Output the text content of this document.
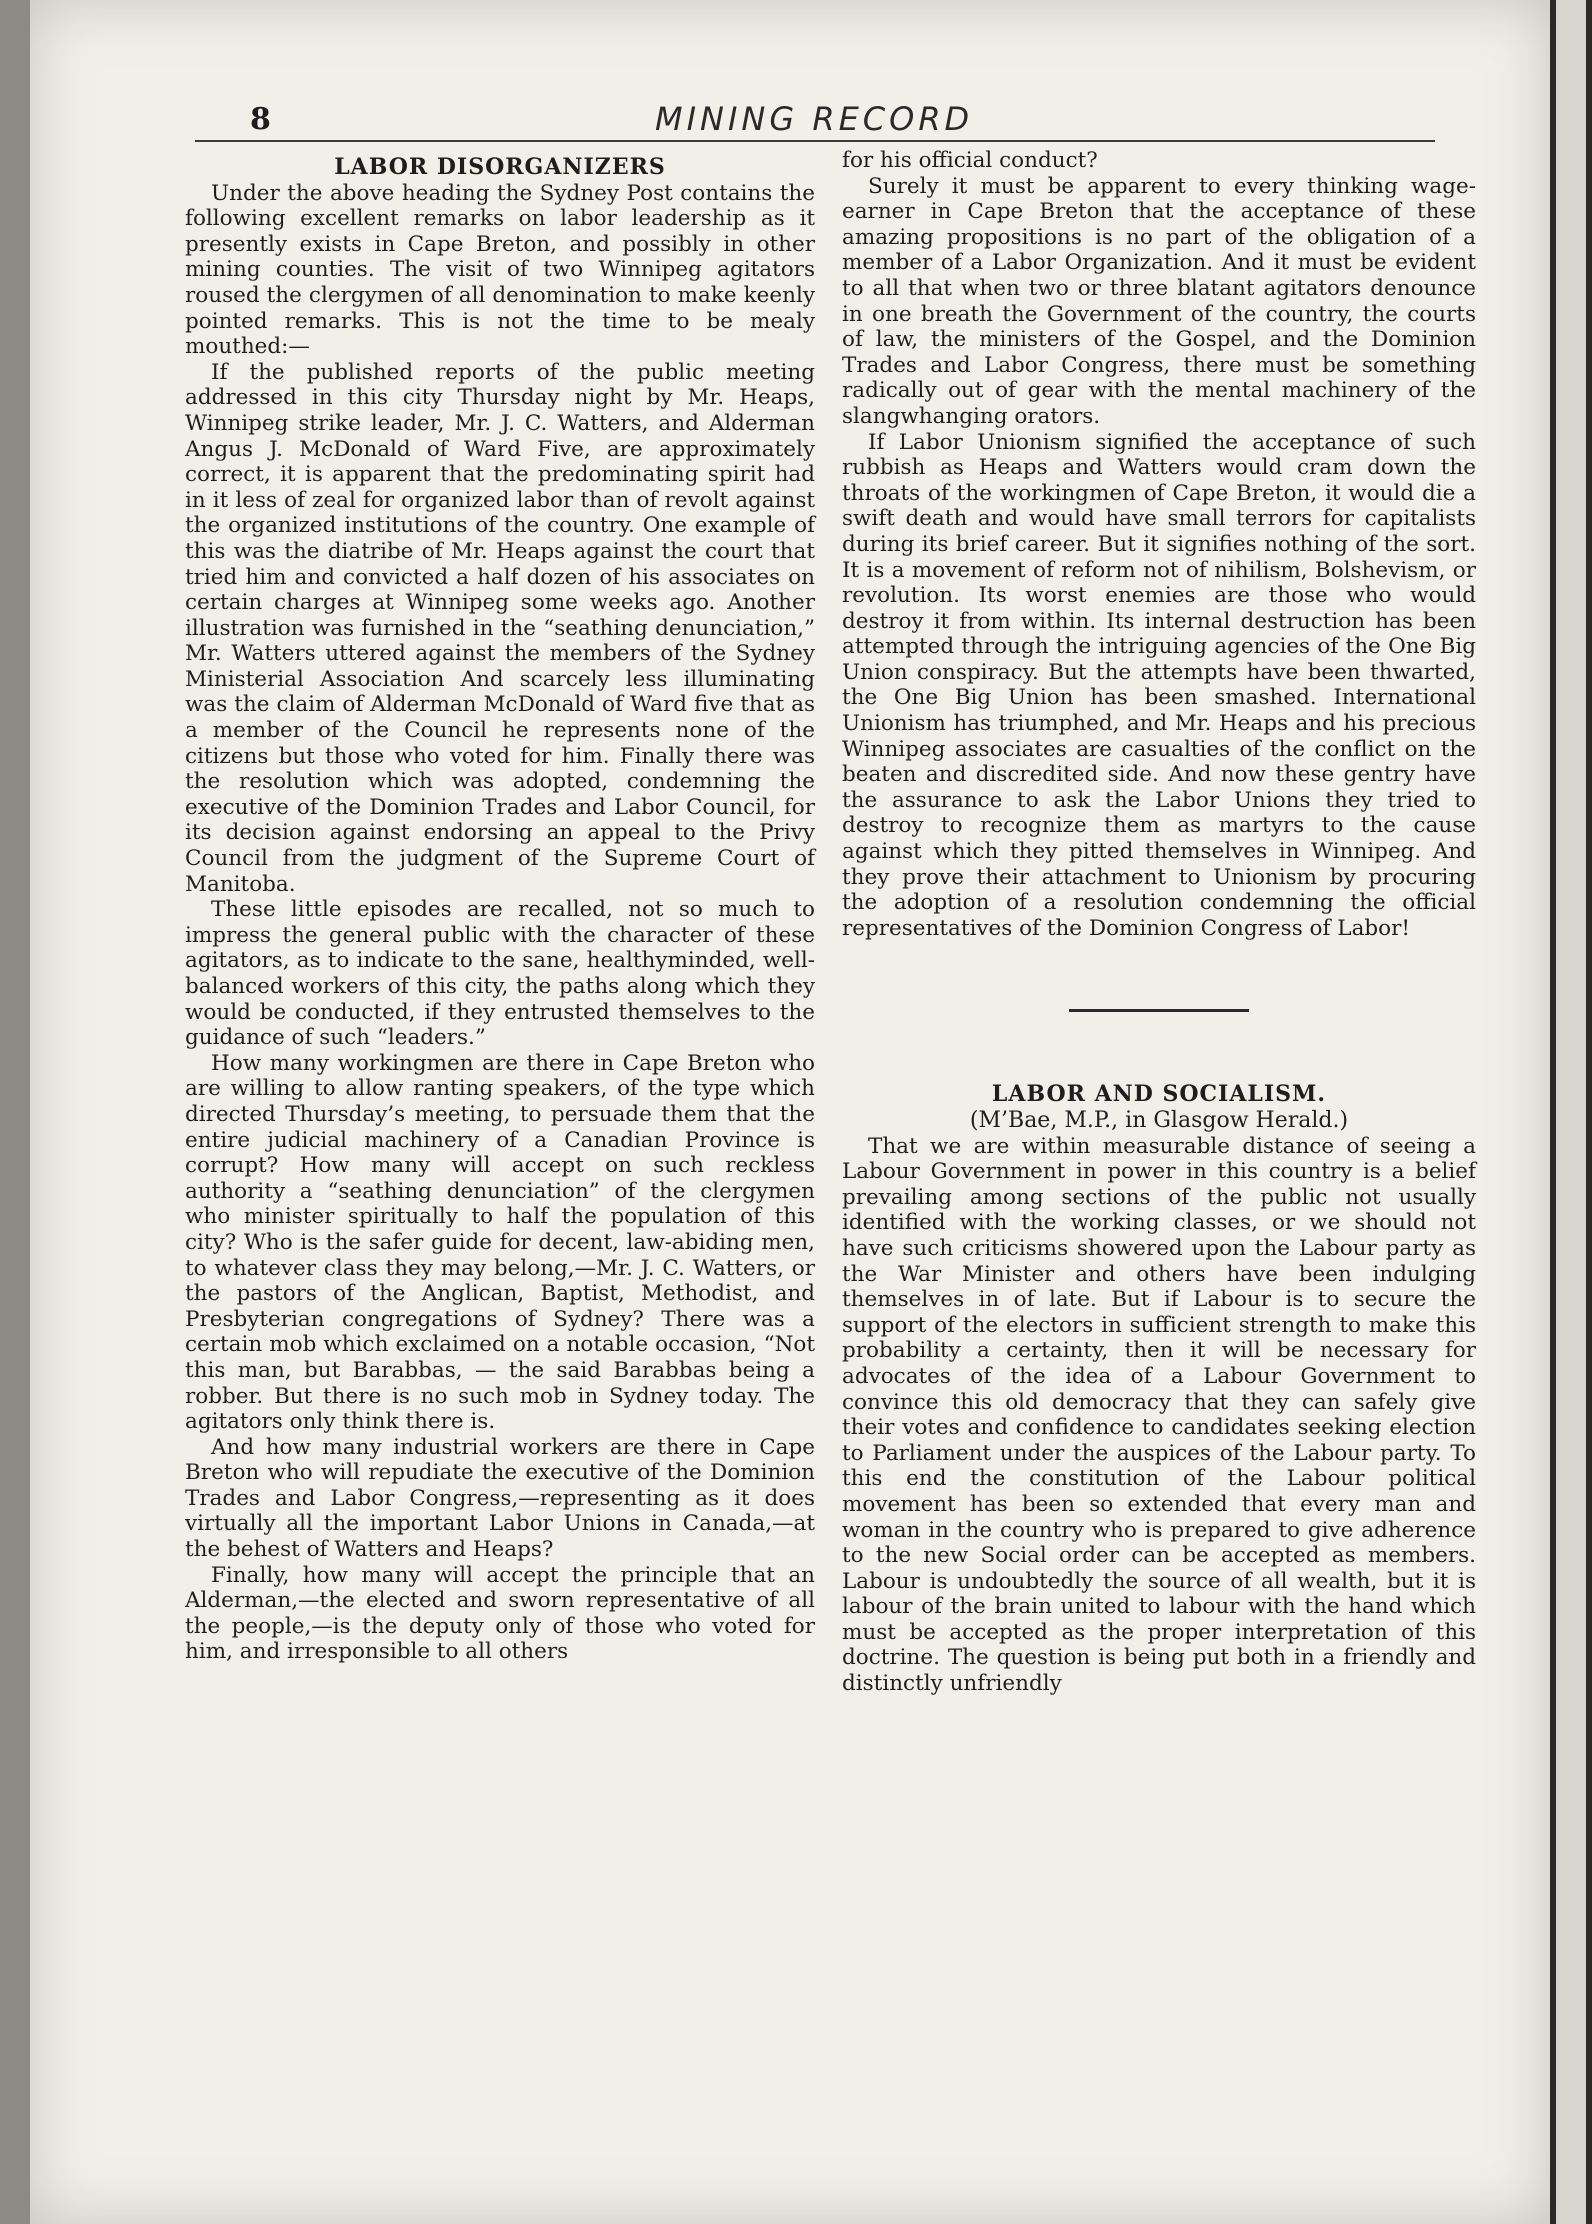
8	MINING RECORD

LABOR DISORGANIZERS

Under the above heading the Sydney Post contains the following excellent remarks on labor leadership as it presently exists in Cape Breton, and possibly in other mining counties. The visit of two Winnipeg agitators roused the clergymen of all denomination to make keenly pointed remarks. This is not the time to be mealy mouthed:—

If the published reports of the public meeting addressed in this city Thursday night by Mr. Heaps, Winnipeg strike leader, Mr. J. C. Watters, and Alderman Angus J. McDonald of Ward Five, are approximately correct, it is apparent that the predominating spirit had in it less of zeal for organized labor than of revolt against the organized institutions of the country. One example of this was the diatribe of Mr. Heaps against the court that tried him and convicted a half dozen of his associates on certain charges at Winnipeg some weeks ago. Another illustration was furnished in the “seathing denunciation,” Mr. Watters uttered against the members of the Sydney Ministerial Association And scarcely less illuminating was the claim of Alderman McDonald of Ward five that as a member of the Council he represents none of the citizens but those who voted for him. Finally there was the resolution which was adopted, condemning the executive of the Dominion Trades and Labor Council, for its decision against endorsing an appeal to the Privy Council from the judgment of the Supreme Court of Manitoba.

These little episodes are recalled, not so much to impress the general public with the character of these agitators, as to indicate to the sane, healthyminded, well-balanced workers of this city, the paths along which they would be conducted, if they entrusted themselves to the guidance of such “leaders.”

How many workingmen are there in Cape Breton who are willing to allow ranting speakers, of the type which directed Thursday’s meeting, to persuade them that the entire judicial machinery of a Canadian Province is corrupt? How many will accept on such reckless authority a “seathing denunciation” of the clergymen who minister spiritually to half the population of this city? Who is the safer guide for decent, law-abiding men, to whatever class they may belong,—Mr. J. C. Watters, or the pastors of the Anglican, Baptist, Methodist, and Presbyterian congregations of Sydney? There was a certain mob which exclaimed on a notable occasion, “Not this man, but Barabbas, — the said Barabbas being a robber. But there is no such mob in Sydney today. The agitators only think there is.

And how many industrial workers are there in Cape Breton who will repudiate the executive of the Dominion Trades and Labor Congress,—representing as it does virtually all the important Labor Unions in Canada,—at the behest of Watters and Heaps?

Finally, how many will accept the principle that an Alderman,—the elected and sworn representative of all the people,—is the deputy only of those who voted for him, and irresponsible to all others

for his official conduct?

Surely it must be apparent to every thinking wage-earner in Cape Breton that the acceptance of these amazing propositions is no part of the obligation of a member of a Labor Organization. And it must be evident to all that when two or three blatant agitators denounce in one breath the Government of the country, the courts of law, the ministers of the Gospel, and the Dominion Trades and Labor Congress, there must be something radically out of gear with the mental machinery of the slangwhanging orators.

If Labor Unionism signified the acceptance of such rubbish as Heaps and Watters would cram down the throats of the workingmen of Cape Breton, it would die a swift death and would have small terrors for capitalists during its brief career. But it signifies nothing of the sort. It is a movement of reform not of nihilism, Bolshevism, or revolution. Its worst enemies are those who would destroy it from within. Its internal destruction has been attempted through the intriguing agencies of the One Big Union conspiracy. But the attempts have been thwarted, the One Big Union has been smashed. International Unionism has triumphed, and Mr. Heaps and his precious Winnipeg associates are casualties of the conflict on the beaten and discredited side. And now these gentry have the assurance to ask the Labor Unions they tried to destroy to recognize them as martyrs to the cause against which they pitted themselves in Winnipeg. And they prove their attachment to Unionism by procuring the adoption of a resolution condemning the official representatives of the Dominion Congress of Labor!

LABOR AND SOCIALISM.

(M’Bae, M.P., in Glasgow Herald.)

That we are within measurable distance of seeing a Labour Government in power in this country is a belief prevailing among sections of the public not usually identified with the working classes, or we should not have such criticisms showered upon the Labour party as the War Minister and others have been indulging themselves in of late. But if Labour is to secure the support of the electors in sufficient strength to make this probability a certainty, then it will be necessary for advocates of the idea of a Labour Government to convince this old democracy that they can safely give their votes and confidence to candidates seeking election to Parliament under the auspices of the Labour party. To this end the constitution of the Labour political movement has been so extended that every man and woman in the country who is prepared to give adherence to the new Social order can be accepted as members. Labour is undoubtedly the source of all wealth, but it is labour of the brain united to labour with the hand which must be accepted as the proper interpretation of this doctrine. The question is being put both in a friendly and distinctly unfriendly
